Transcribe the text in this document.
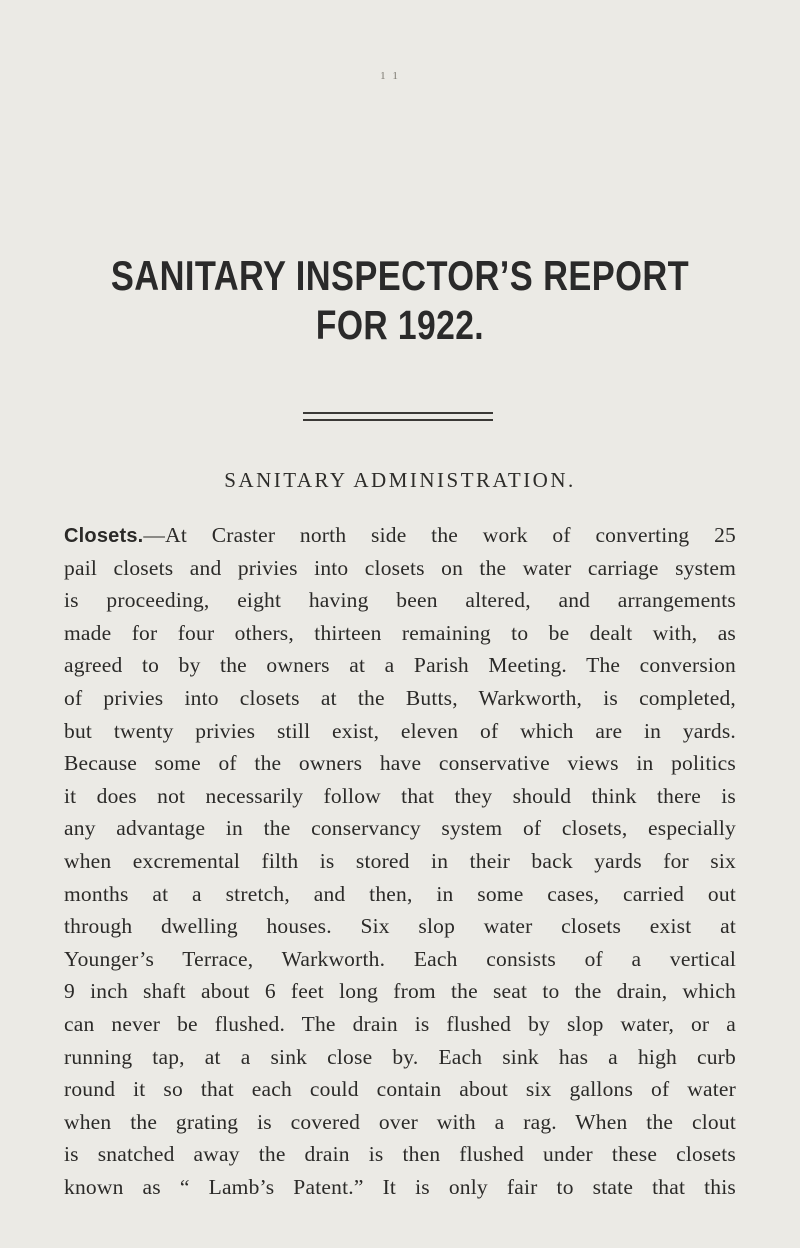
1 1
SANITARY INSPECTOR’S REPORT
FOR 1922.
SANITARY ADMINISTRATION.
Closets.—At Craster north side the work of converting 25
pail closets and privies into closets on the water carriage system
is proceeding, eight having been altered, and arrangements
made for four others, thirteen remaining to be dealt with, as
agreed to by the owners at a Parish Meeting. The conversion
of privies into closets at the Butts, Warkworth, is completed,
but twenty privies still exist, eleven of which are in yards.
Because some of the owners have conservative views in politics
it does not necessarily follow that they should think there is
any advantage in the conservancy system of closets, especially
when excremental filth is stored in their back yards for six
months at a stretch, and then, in some cases, carried out
through dwelling houses. Six slop water closets exist at
Younger’s Terrace, Warkworth. Each consists of a vertical
9 inch shaft about 6 feet long from the seat to the drain, which
can never be flushed. The drain is flushed by slop water, or a
running tap, at a sink close by. Each sink has a high curb
round it so that each could contain about six gallons of water
when the grating is covered over with a rag. When the clout
is snatched away the drain is then flushed under these closets
known as “ Lamb’s Patent.” It is only fair to state that this
